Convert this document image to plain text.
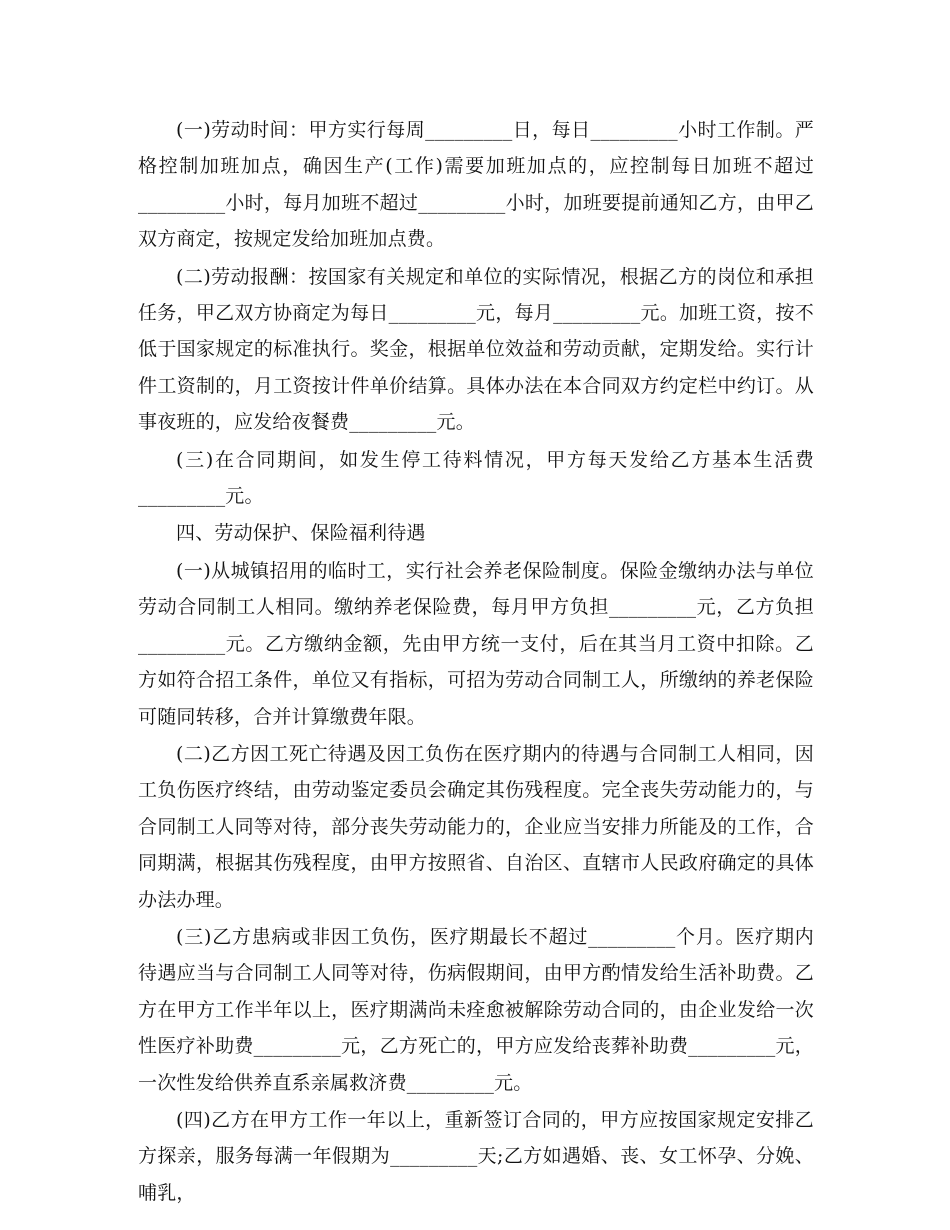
(一)劳动时间：甲方实行每周_________日，每日_________小时工作制。严格控制加班加点，确因生产(工作)需要加班加点的，应控制每日加班不超过_________小时，每月加班不超过_________小时，加班要提前通知乙方，由甲乙双方商定，按规定发给加班加点费。

(二)劳动报酬：按国家有关规定和单位的实际情况，根据乙方的岗位和承担任务，甲乙双方协商定为每日_________元，每月_________元。加班工资，按不低于国家规定的标准执行。奖金，根据单位效益和劳动贡献，定期发给。实行计件工资制的，月工资按计件单价结算。具体办法在本合同双方约定栏中约订。从事夜班的，应发给夜餐费_________元。

(三)在合同期间，如发生停工待料情况，甲方每天发给乙方基本生活费_________元。

四、劳动保护、保险福利待遇

(一)从城镇招用的临时工，实行社会养老保险制度。保险金缴纳办法与单位劳动合同制工人相同。缴纳养老保险费，每月甲方负担_________元，乙方负担_________元。乙方缴纳金额，先由甲方统一支付，后在其当月工资中扣除。乙方如符合招工条件，单位又有指标，可招为劳动合同制工人，所缴纳的养老保险可随同转移，合并计算缴费年限。

(二)乙方因工死亡待遇及因工负伤在医疗期内的待遇与合同制工人相同，因工负伤医疗终结，由劳动鉴定委员会确定其伤残程度。完全丧失劳动能力的，与合同制工人同等对待，部分丧失劳动能力的，企业应当安排力所能及的工作，合同期满，根据其伤残程度，由甲方按照省、自治区、直辖市人民政府确定的具体办法办理。

(三)乙方患病或非因工负伤，医疗期最长不超过_________个月。医疗期内待遇应当与合同制工人同等对待，伤病假期间，由甲方酌情发给生活补助费。乙方在甲方工作半年以上，医疗期满尚未痊愈被解除劳动合同的，由企业发给一次性医疗补助费_________元，乙方死亡的，甲方应发给丧葬补助费_________元，一次性发给供养直系亲属救济费_________元。

(四)乙方在甲方工作一年以上，重新签订合同的，甲方应按国家规定安排乙方探亲，服务每满一年假期为_________天;乙方如遇婚、丧、女工怀孕、分娩、哺乳，
